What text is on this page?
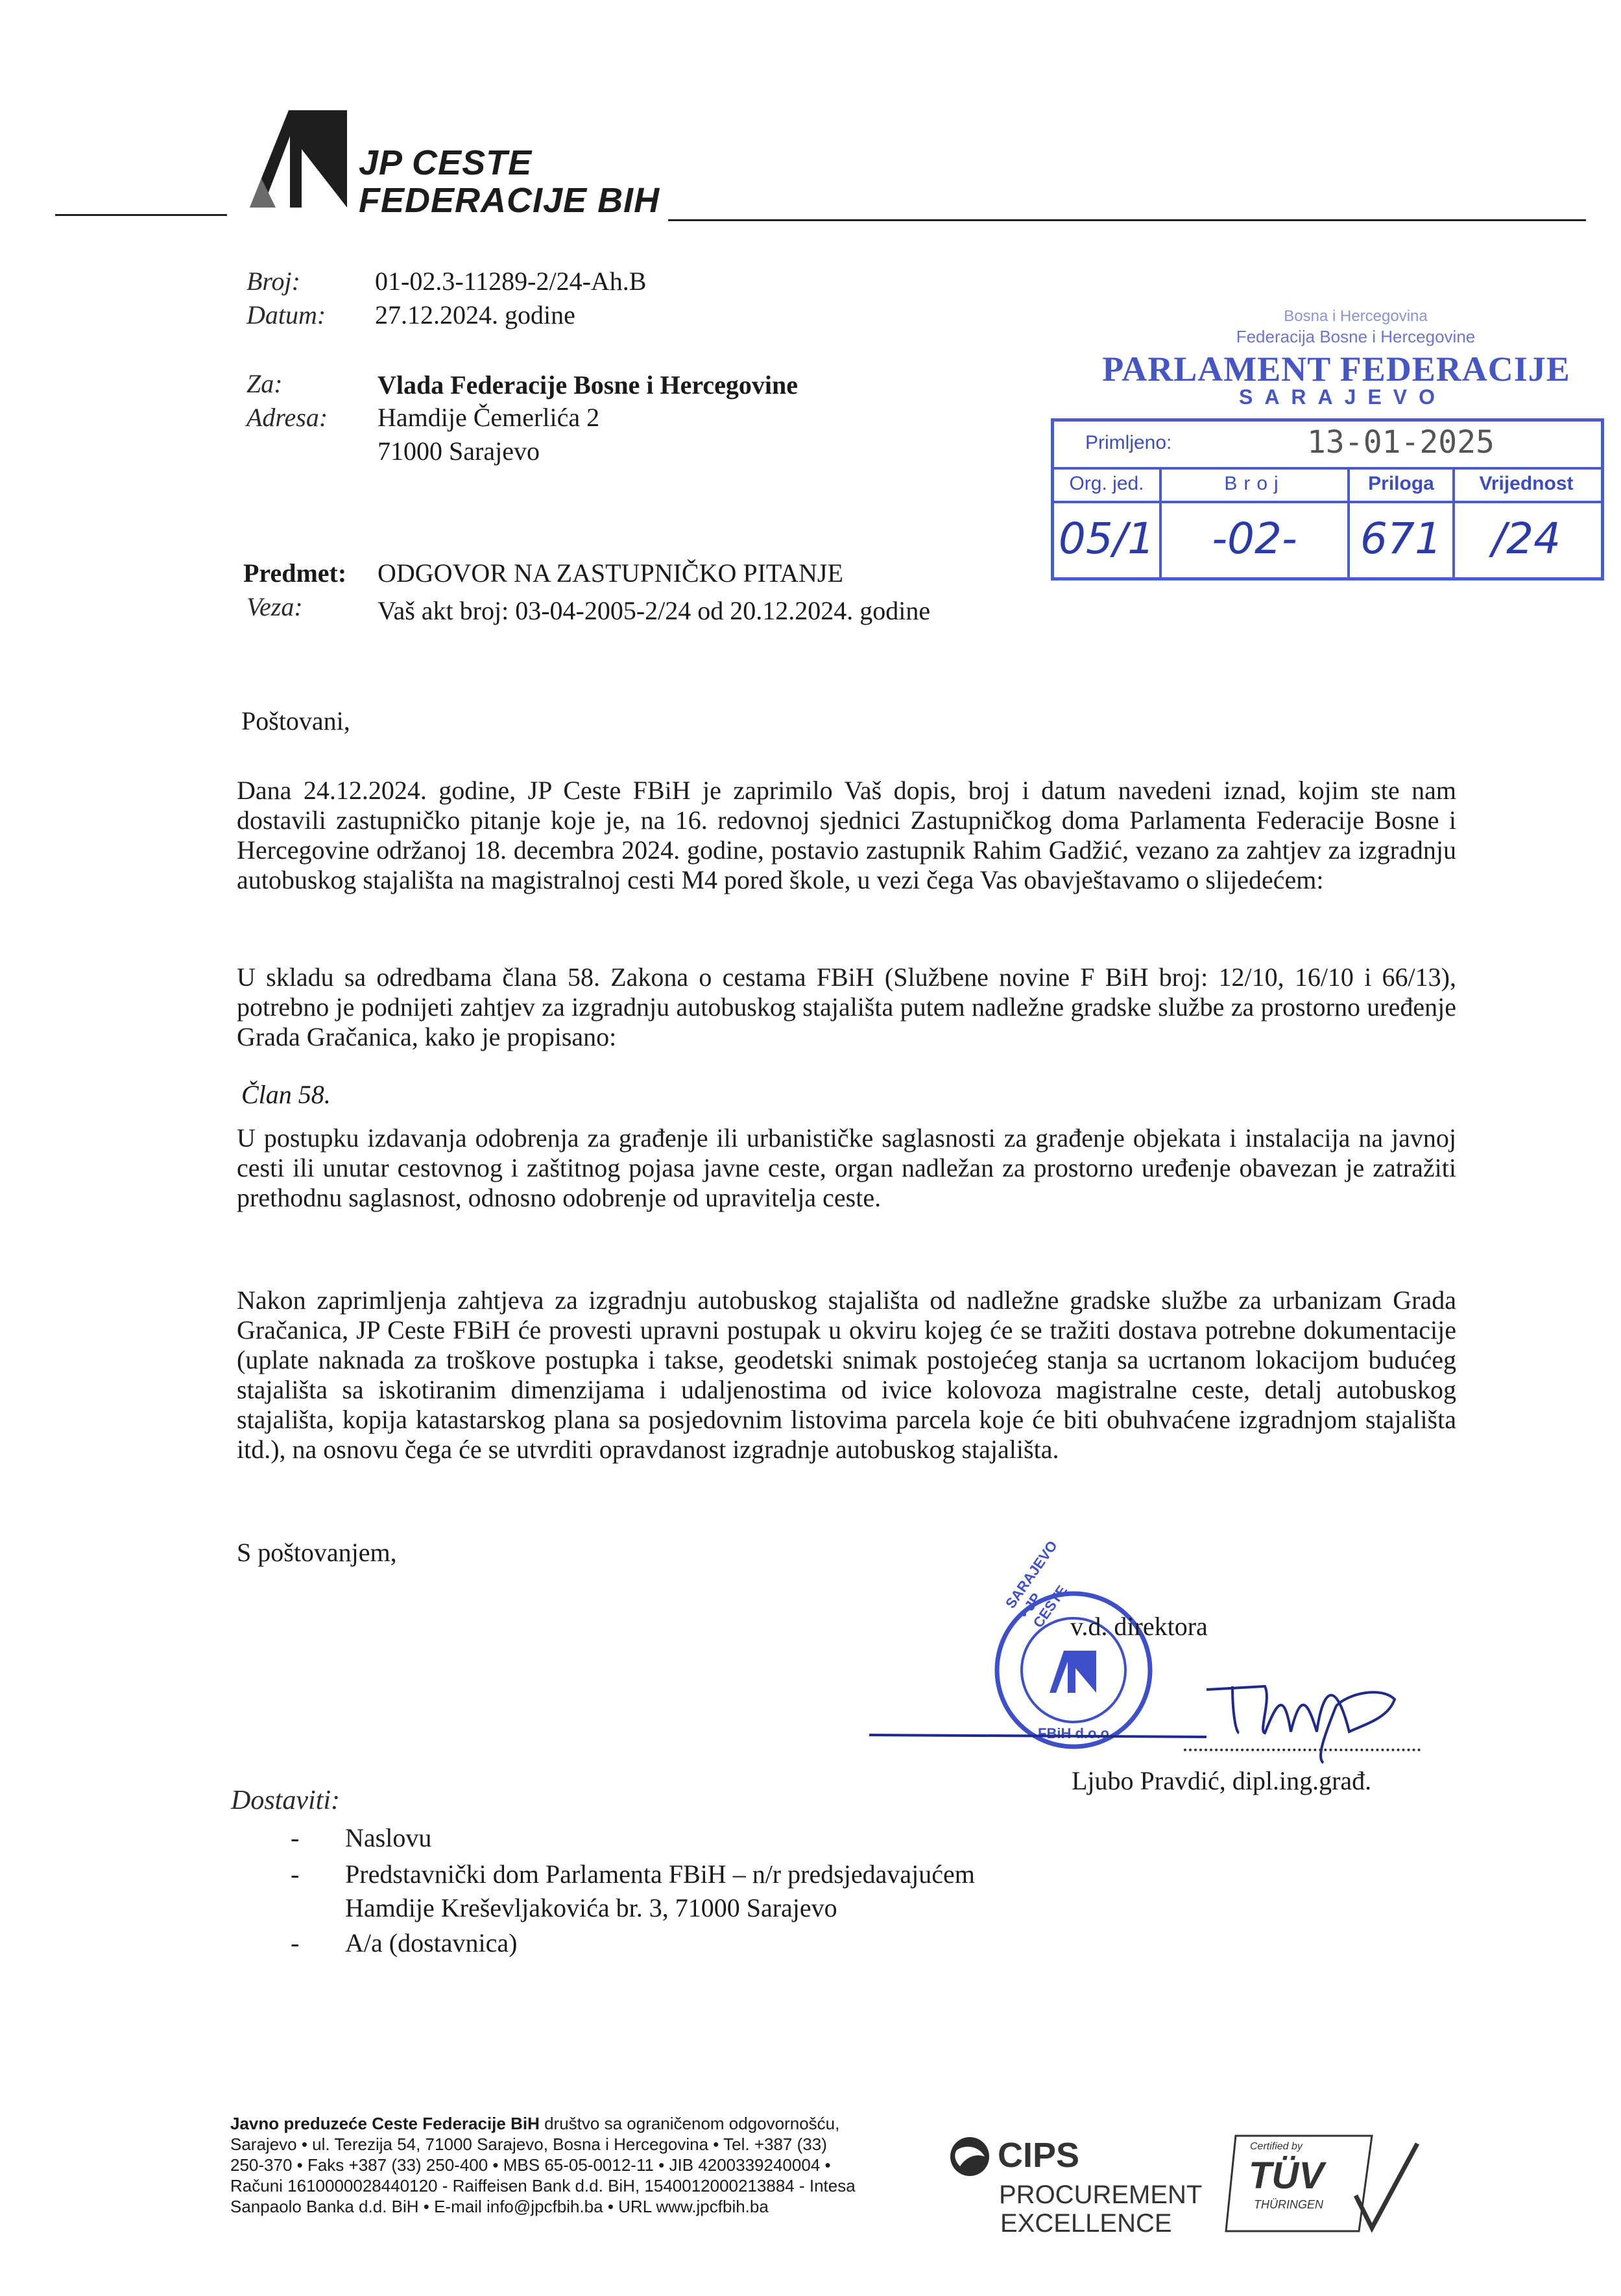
JP CESTE
FEDERACIJE BIH
Broj:	01-02.3-11289-2/24-Ah.B
Datum: 27.12.2024. godine
Za:	Vlada Federacije Bosne i Hercegovine
Adresa: Hamdije Čemerlića 2
71000 Sarajevo
Predmet: ODGOVOR NA ZASTUPNIČKO PITANJE
Veza:	Vaš akt broj: 03-04-2005-2/24 od 20.12.2024. godine
Bosna i Hercegovina
Federacija Bosne i Hercegovine
PARLAMENT FEDERACIJE
SARAJEVO
Primljeno:	13-01-2025
Org. jed.	Broj	Priloga	Vrijednost
05/1	-02-	671	/24
Poštovani,
Dana 24.12.2024. godine, JP Ceste FBiH je zaprimilo Vaš dopis, broj i datum navedeni iznad, kojim ste nam dostavili zastupničko pitanje koje je, na 16. redovnoj sjednici Zastupničkog doma Parlamenta Federacije Bosne i Hercegovine održanoj 18. decembra 2024. godine, postavio zastupnik Rahim Gadžić, vezano za zahtjev za izgradnju autobuskog stajališta na magistralnoj cesti M4 pored škole, u vezi čega Vas obavještavamo o slijedećem:
U skladu sa odredbama člana 58. Zakona o cestama FBiH (Službene novine F BiH broj: 12/10, 16/10 i 66/13), potrebno je podnijeti zahtjev za izgradnju autobuskog stajališta putem nadležne gradske službe za prostorno uređenje Grada Gračanica, kako je propisano:
Član 58.
U postupku izdavanja odobrenja za građenje ili urbanističke saglasnosti za građenje objekata i instalacija na javnoj cesti ili unutar cestovnog i zaštitnog pojasa javne ceste, organ nadležan za prostorno uređenje obavezan je zatražiti prethodnu saglasnost, odnosno odobrenje od upravitelja ceste.
Nakon zaprimljenja zahtjeva za izgradnju autobuskog stajališta od nadležne gradske službe za urbanizam Grada Gračanica, JP Ceste FBiH će provesti upravni postupak u okviru kojeg će se tražiti dostava potrebne dokumentacije (uplate naknada za troškove postupka i takse, geodetski snimak postojećeg stanja sa ucrtanom lokacijom budućeg stajališta sa iskotiranim dimenzijama i udaljenostima od ivice kolovoza magistralne ceste, detalj autobuskog stajališta, kopija katastarskog plana sa posjedovnim listovima parcela koje će biti obuhvaćene izgradnjom stajališta itd.), na osnovu čega će se utvrditi opravdanost izgradnje autobuskog stajališta.
S poštovanjem,	SARAJEVO • JP CESTE
FBiH d.o.o.
v.d. direktora
Ljubo Pravdić, dipl.ing.građ.
Dostaviti:
- Naslovu
- Predstavnički dom Parlamenta FBiH – n/r predsjedavajućem
Hamdije Kreševljakovića br. 3, 71000 Sarajevo
- A/a (dostavnica)
Javno preduzeće Ceste Federacije BiH društvo sa ograničenom odgovornošću,
Sarajevo • ul. Terezija 54, 71000 Sarajevo, Bosna i Hercegovina • Tel. +387 (33)
250-370 • Faks +387 (33) 250-400 • MBS 65-05-0012-11 • JIB 4200339240004 •
Računi 1610000028440120 - Raiffeisen Bank d.d. BiH, 1540012000213884 - Intesa
Sanpaolo Banka d.d. BiH • E-mail info@jpcfbih.ba • URL www.jpcfbih.ba
CIPS
PROCUREMENT
EXCELLENCE
Certified by
TÜV
THÜRINGEN
